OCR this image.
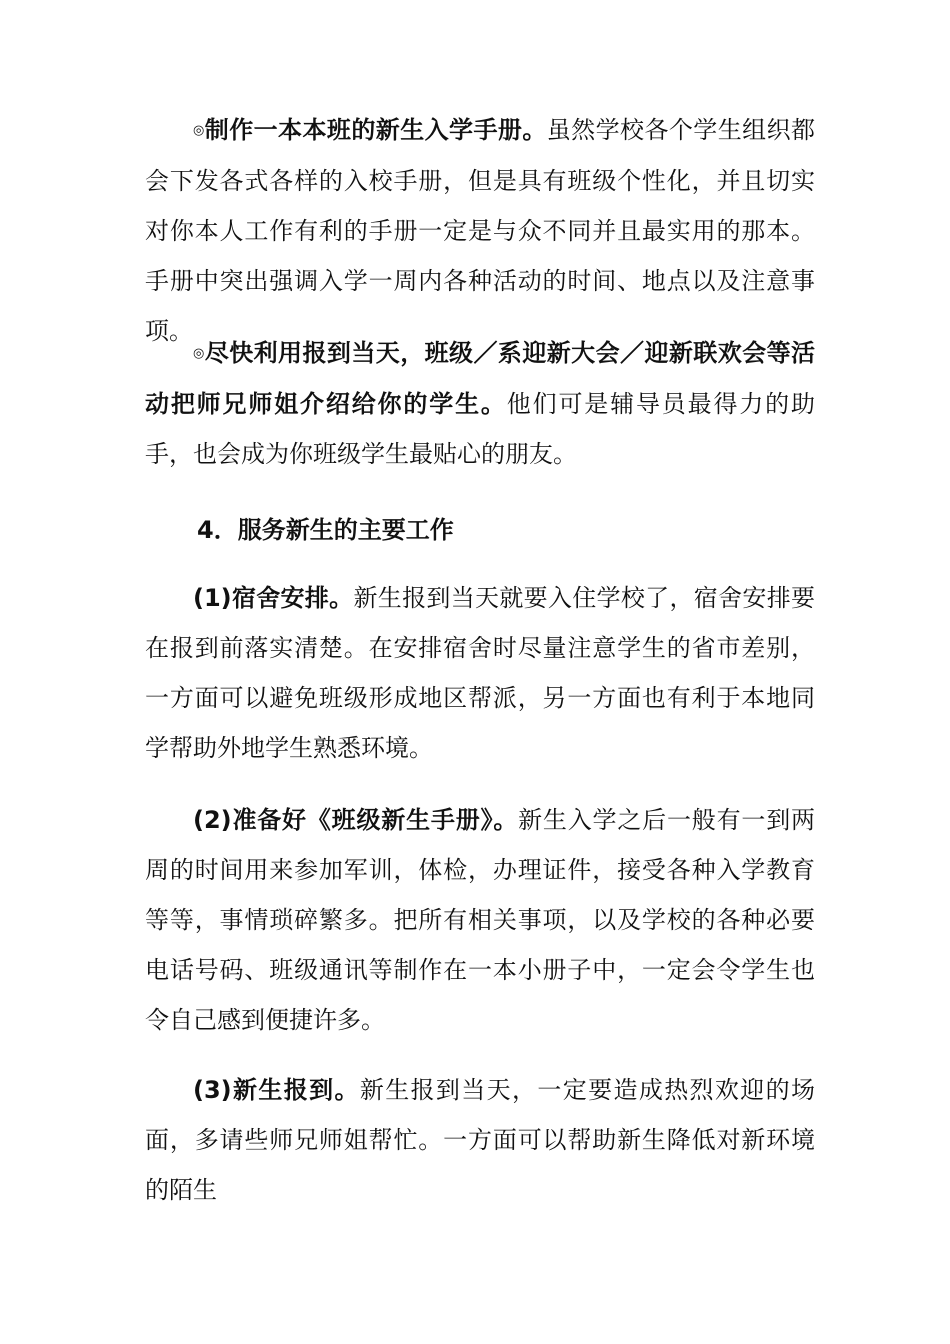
◎制作一本本班的新生入学手册。虽然学校各个学生组织都会下发各式各样的入校手册，但是具有班级个性化，并且切实对你本人工作有利的手册一定是与众不同并且最实用的那本。手册中突出强调入学一周内各种活动的时间、地点以及注意事项。

◎尽快利用报到当天，班级／系迎新大会／迎新联欢会等活动把师兄师姐介绍给你的学生。他们可是辅导员最得力的助手，也会成为你班级学生最贴心的朋友。

4．服务新生的主要工作

(1)宿舍安排。新生报到当天就要入住学校了，宿舍安排要在报到前落实清楚。在安排宿舍时尽量注意学生的省市差别，一方面可以避免班级形成地区帮派，另一方面也有利于本地同学帮助外地学生熟悉环境。

(2)准备好《班级新生手册》。新生入学之后一般有一到两周的时间用来参加军训，体检，办理证件，接受各种入学教育等等，事情琐碎繁多。把所有相关事项，以及学校的各种必要电话号码、班级通讯等制作在一本小册子中，一定会令学生也令自己感到便捷许多。

(3)新生报到。新生报到当天，一定要造成热烈欢迎的场面，多请些师兄师姐帮忙。一方面可以帮助新生降低对新环境的陌生
